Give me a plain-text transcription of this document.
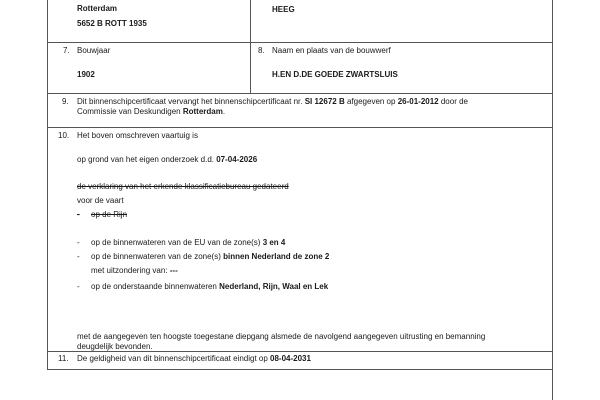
Rotterdam
5652 B ROTT 1935
HEEG
7. Bouwjaar
1902
8. Naam en plaats van de bouwwerf
H.EN D.DE GOEDE ZWARTSLUIS
9. Dit binnenschipcertificaat vervangt het binnenschipcertificaat nr. SI 12672 B afgegeven op 26-01-2012 door de
Commissie van Deskundigen Rotterdam.
10. Het boven omschreven vaartuig is
op grond van het eigen onderzoek d.d. 07-04-2026
de verklaring van het erkende klassificatiebureau gedateerd
voor de vaart
- op de Rijn
- op de binnenwateren van de EU van de zone(s) 3 en 4
- op de binnenwateren van de zone(s) binnen Nederland de zone 2
met uitzondering van: ---
- op de onderstaande binnenwateren Nederland, Rijn, Waal en Lek
met de aangegeven ten hoogste toegestane diepgang alsmede de navolgend aangegeven uitrusting en bemanning
deugdelijk bevonden.
11. De geldigheid van dit binnenschipcertificaat eindigt op 08-04-2031
